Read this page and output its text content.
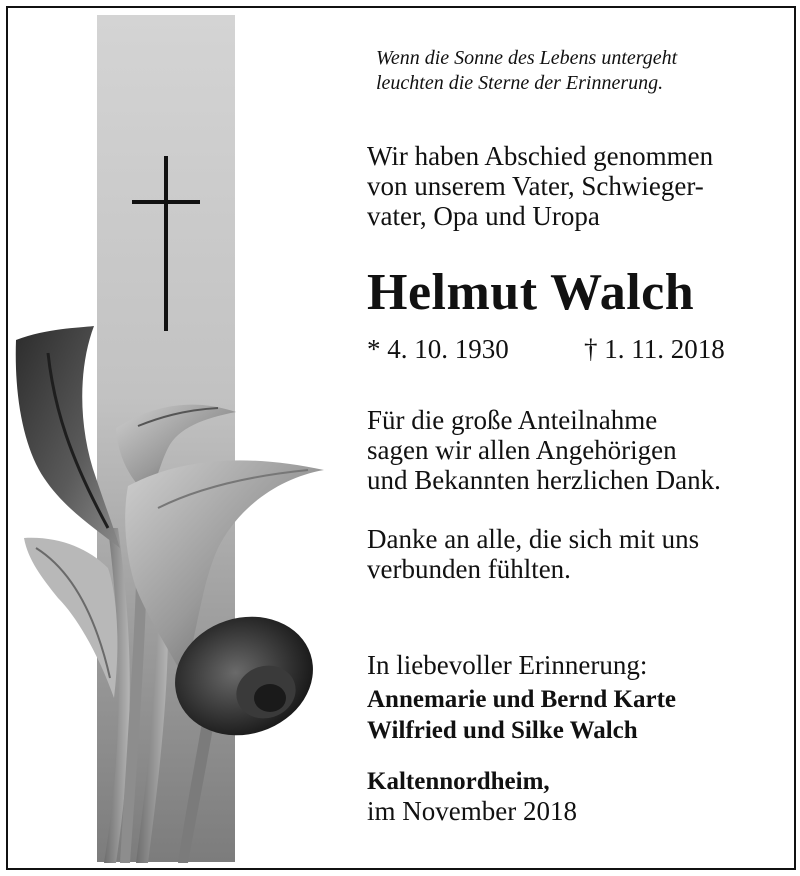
Wenn die Sonne des Lebens untergeht
leuchten die Sterne der Erinnerung.
Wir haben Abschied genommen
von unserem Vater, Schwieger-
vater, Opa und Uropa
Helmut Walch
* 4. 10. 1930	† 1. 11. 2018
Für die große Anteilnahme
sagen wir allen Angehörigen
und Bekannten herzlichen Dank.
Danke an alle, die sich mit uns
verbunden fühlten.
In liebevoller Erinnerung:
Annemarie und Bernd Karte
Wilfried und Silke Walch
Kaltennordheim,
im November 2018
